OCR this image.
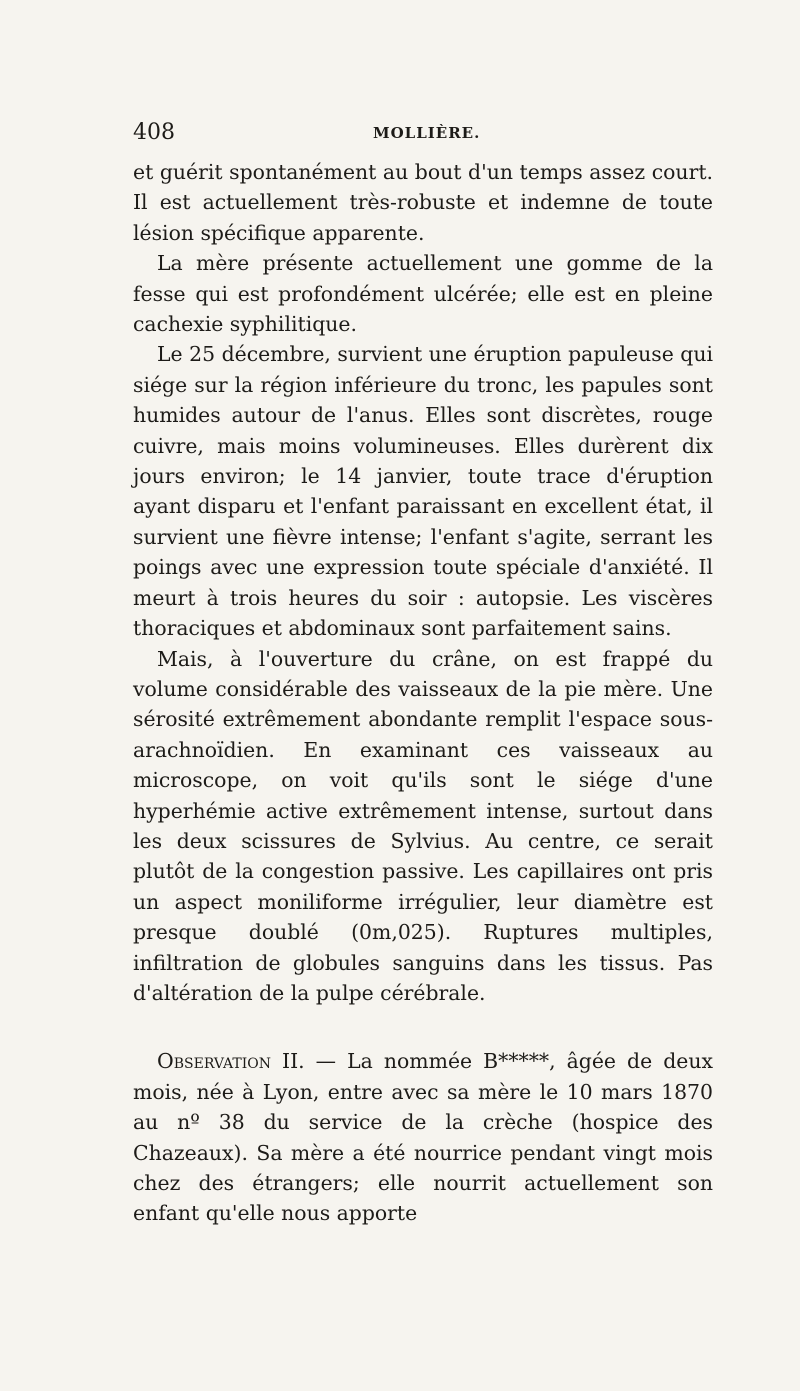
408	MOLLIÈRE.

et guérit spontanément au bout d'un temps assez court. Il est actuellement très-robuste et indemne de toute lésion spécifique apparente.

La mère présente actuellement une gomme de la fesse qui est profondément ulcérée; elle est en pleine cachexie syphilitique.

Le 25 décembre, survient une éruption papuleuse qui siége sur la région inférieure du tronc, les papules sont humides autour de l'anus. Elles sont discrètes, rouge cuivre, mais moins volumineuses. Elles durèrent dix jours environ; le 14 janvier, toute trace d'éruption ayant disparu et l'enfant paraissant en excellent état, il survient une fièvre intense; l'enfant s'agite, serrant les poings avec une expression toute spéciale d'anxiété. Il meurt à trois heures du soir : autopsie. Les viscères thoraciques et abdominaux sont parfaitement sains.

Mais, à l'ouverture du crâne, on est frappé du volume considérable des vaisseaux de la pie mère. Une sérosité extrêmement abondante remplit l'espace sous-arachnoïdien. En examinant ces vaisseaux au microscope, on voit qu'ils sont le siége d'une hyperhémie active extrêmement intense, surtout dans les deux scissures de Sylvius. Au centre, ce serait plutôt de la congestion passive. Les capillaires ont pris un aspect moniliforme irrégulier, leur diamètre est presque doublé (0m,025). Ruptures multiples, infiltration de globules sanguins dans les tissus. Pas d'altération de la pulpe cérébrale.

Observation II. — La nommée B*****, âgée de deux mois, née à Lyon, entre avec sa mère le 10 mars 1870 au nº 38 du service de la crèche (hospice des Chazeaux). Sa mère a été nourrice pendant vingt mois chez des étrangers; elle nourrit actuellement son enfant qu'elle nous apporte
